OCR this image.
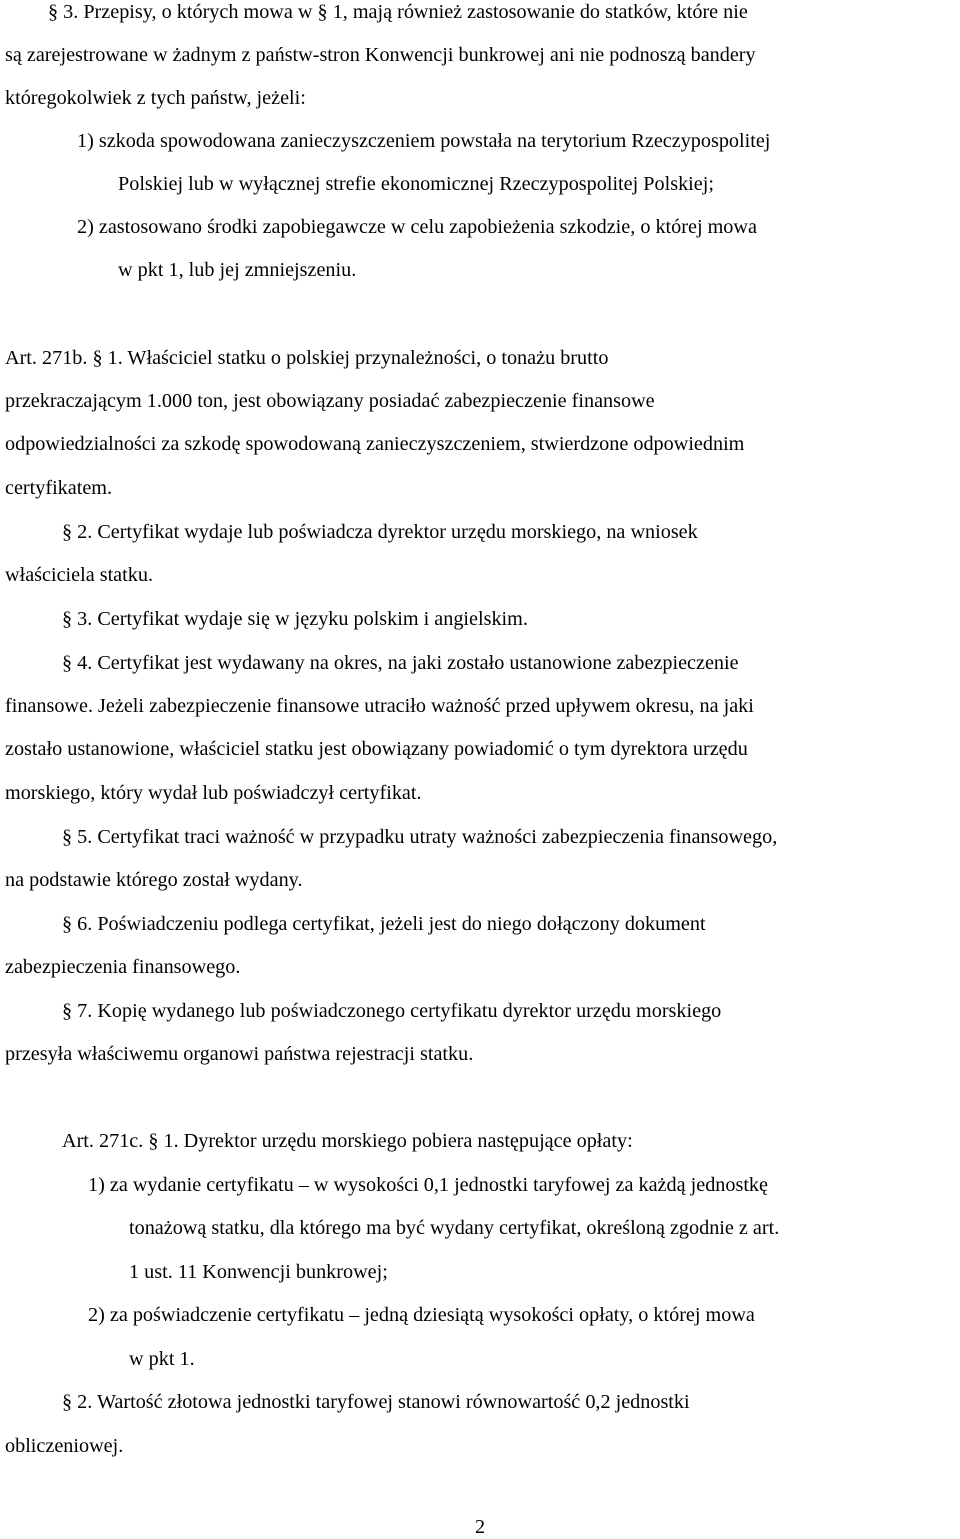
§ 3. Przepisy, o których mowa w § 1, mają również zastosowanie do statków, które nie
są zarejestrowane w żadnym z państw-stron Konwencji bunkrowej ani nie podnoszą bandery
któregokolwiek z tych państw, jeżeli:
1) szkoda spowodowana zanieczyszczeniem powstała na terytorium Rzeczypospolitej
Polskiej lub w wyłącznej strefie ekonomicznej Rzeczypospolitej Polskiej;
2) zastosowano środki zapobiegawcze w celu zapobieżenia szkodzie, o której mowa
w pkt 1, lub jej zmniejszeniu.
Art. 271b. § 1. Właściciel statku o polskiej przynależności, o tonażu brutto
przekraczającym 1.000 ton, jest obowiązany posiadać zabezpieczenie finansowe
odpowiedzialności za szkodę spowodowaną zanieczyszczeniem, stwierdzone odpowiednim
certyfikatem.
§ 2. Certyfikat wydaje lub poświadcza dyrektor urzędu morskiego, na wniosek
właściciela statku.
§ 3. Certyfikat wydaje się w języku polskim i angielskim.
§ 4. Certyfikat jest wydawany na okres, na jaki zostało ustanowione zabezpieczenie
finansowe. Jeżeli zabezpieczenie finansowe utraciło ważność przed upływem okresu, na jaki
zostało ustanowione, właściciel statku jest obowiązany powiadomić o tym dyrektora urzędu
morskiego, który wydał lub poświadczył certyfikat.
§ 5. Certyfikat traci ważność w przypadku utraty ważności zabezpieczenia finansowego,
na podstawie którego został wydany.
§ 6. Poświadczeniu podlega certyfikat, jeżeli jest do niego dołączony dokument
zabezpieczenia finansowego.
§ 7. Kopię wydanego lub poświadczonego certyfikatu dyrektor urzędu morskiego
przesyła właściwemu organowi państwa rejestracji statku.
Art. 271c. § 1. Dyrektor urzędu morskiego pobiera następujące opłaty:
1) za wydanie certyfikatu – w wysokości 0,1 jednostki taryfowej za każdą jednostkę
tonażową statku, dla którego ma być wydany certyfikat, określoną zgodnie z art.
1 ust. 11 Konwencji bunkrowej;
2) za poświadczenie certyfikatu – jedną dziesiątą wysokości opłaty, o której mowa
w pkt 1.
§ 2. Wartość złotowa jednostki taryfowej stanowi równowartość 0,2 jednostki
obliczeniowej.
2
